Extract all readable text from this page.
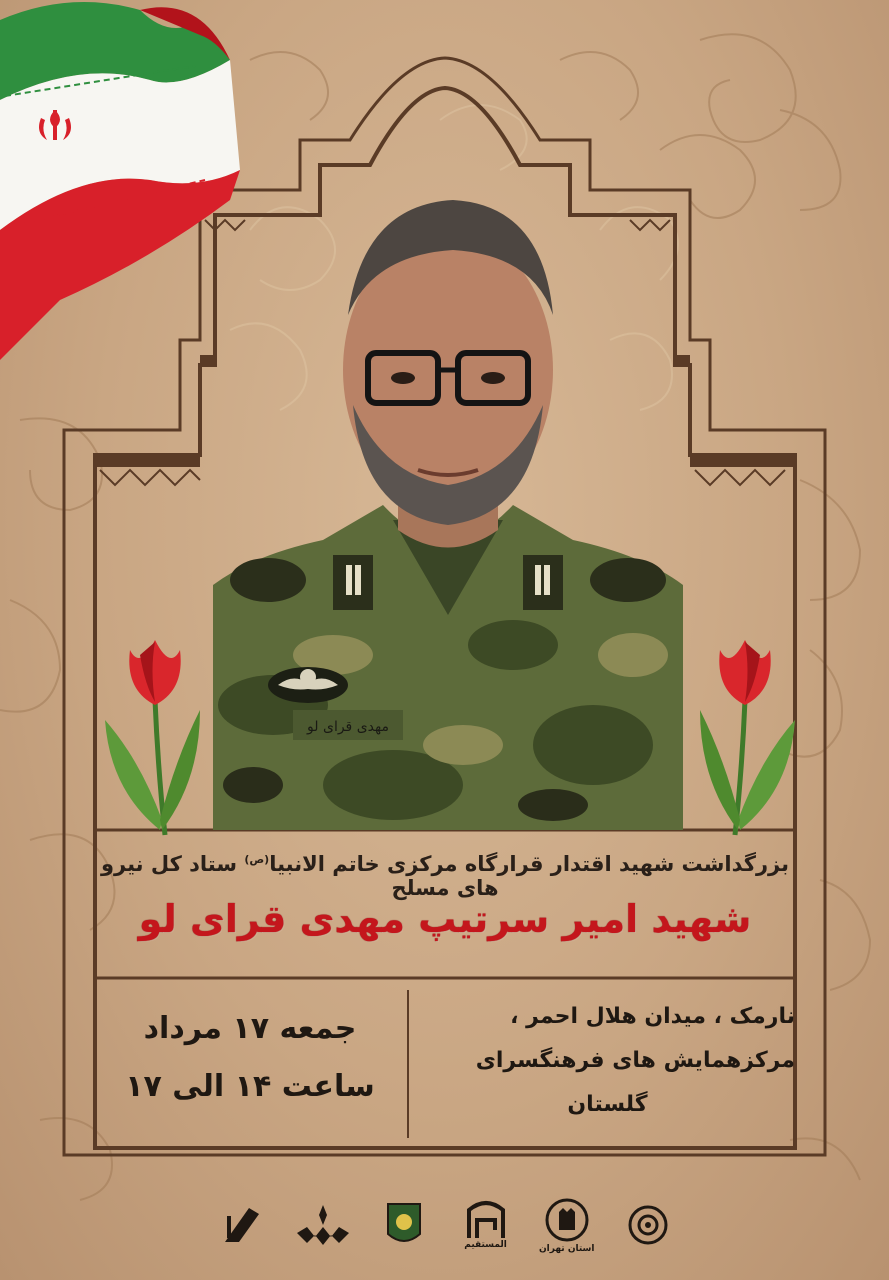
مهدی قرای لو
بزرگداشت شهید اقتدار قرارگاه مرکزی خاتم الانبیا$^{(ص)}$ ستاد کل نیرو های مسلح
شهید امیر سرتیپ مهدی قرای لو
جمعه ۱۷ مرداد
ساعت ۱۴ الی ۱۷
نارمک ، میدان هلال احمر ،
مرکزهمایش های فرهنگسرای
گلستان
استان تهران
المستقیم
